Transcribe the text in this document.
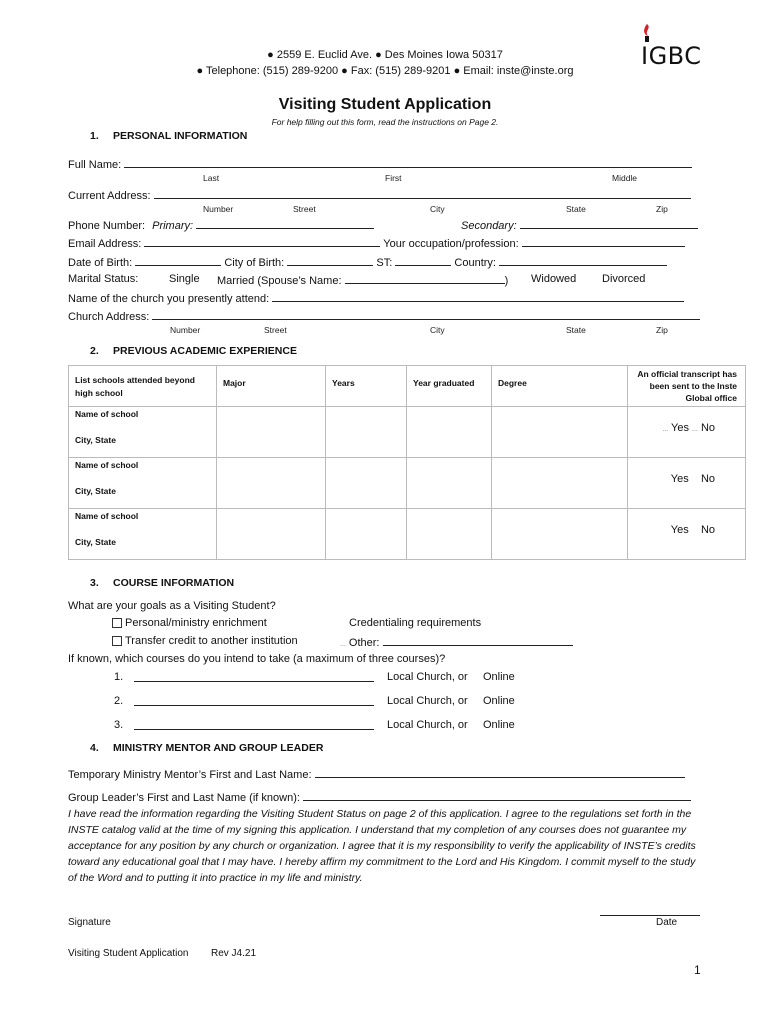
● 2559 E. Euclid Ave. ● Des Moines Iowa 50317
● Telephone: (515) 289-9200 ● Fax: (515) 289-9201 ● Email: inste@inste.org
IGBC
Visiting Student Application
For help filling out this form, read the instructions on Page 2.
1. PERSONAL INFORMATION
Full Name:
Last	First	Middle
Current Address:
Number	Street	City	State	Zip
Phone Number: Primary:	Secondary:
Email Address:	Your occupation/profession:
Date of Birth:	City of Birth:	ST:	Country:
Marital Status:	Single Married (Spouse’s Name:	) Widowed Divorced
Name of the church you presently attend:
Church Address:
Number	Street	City	State	Zip
2. PREVIOUS ACADEMIC EXPERIENCE
List schools attended beyond high school	Major	Years	Year graduated	Degree	An official transcript has been sent to the Inste Global office

Name of school
City, State					... Yes ... No

Name of school
City, State					Yes No

Name of school
City, State					Yes No
3. COURSE INFORMATION
What are your goals as a Visiting Student?
Personal/ministry enrichment	Credentialing requirements
Transfer credit to another institution	... Other:
If known, which courses do you intend to take (a maximum of three courses)?
1.	Local Church, or Online
2.	Local Church, or Online
3.	Local Church, or Online
4. MINISTRY MENTOR AND GROUP LEADER
Temporary Ministry Mentor’s First and Last Name:
Group Leader’s First and Last Name (if known):
I have read the information regarding the Visiting Student Status on page 2 of this application. I agree to the regulations set forth in the INSTE catalog valid at the time of my signing this application. I understand that my completion of any courses does not guarantee my acceptance for any position by any church or organization. I agree that it is my responsibility to verify the applicability of INSTE’s credits toward any educational goal that I may have. I hereby affirm my commitment to the Lord and His Kingdom. I commit myself to the study of the Word and to putting it into practice in my life and ministry.
Signature	Date
Visiting Student Application Rev J4.21
1
